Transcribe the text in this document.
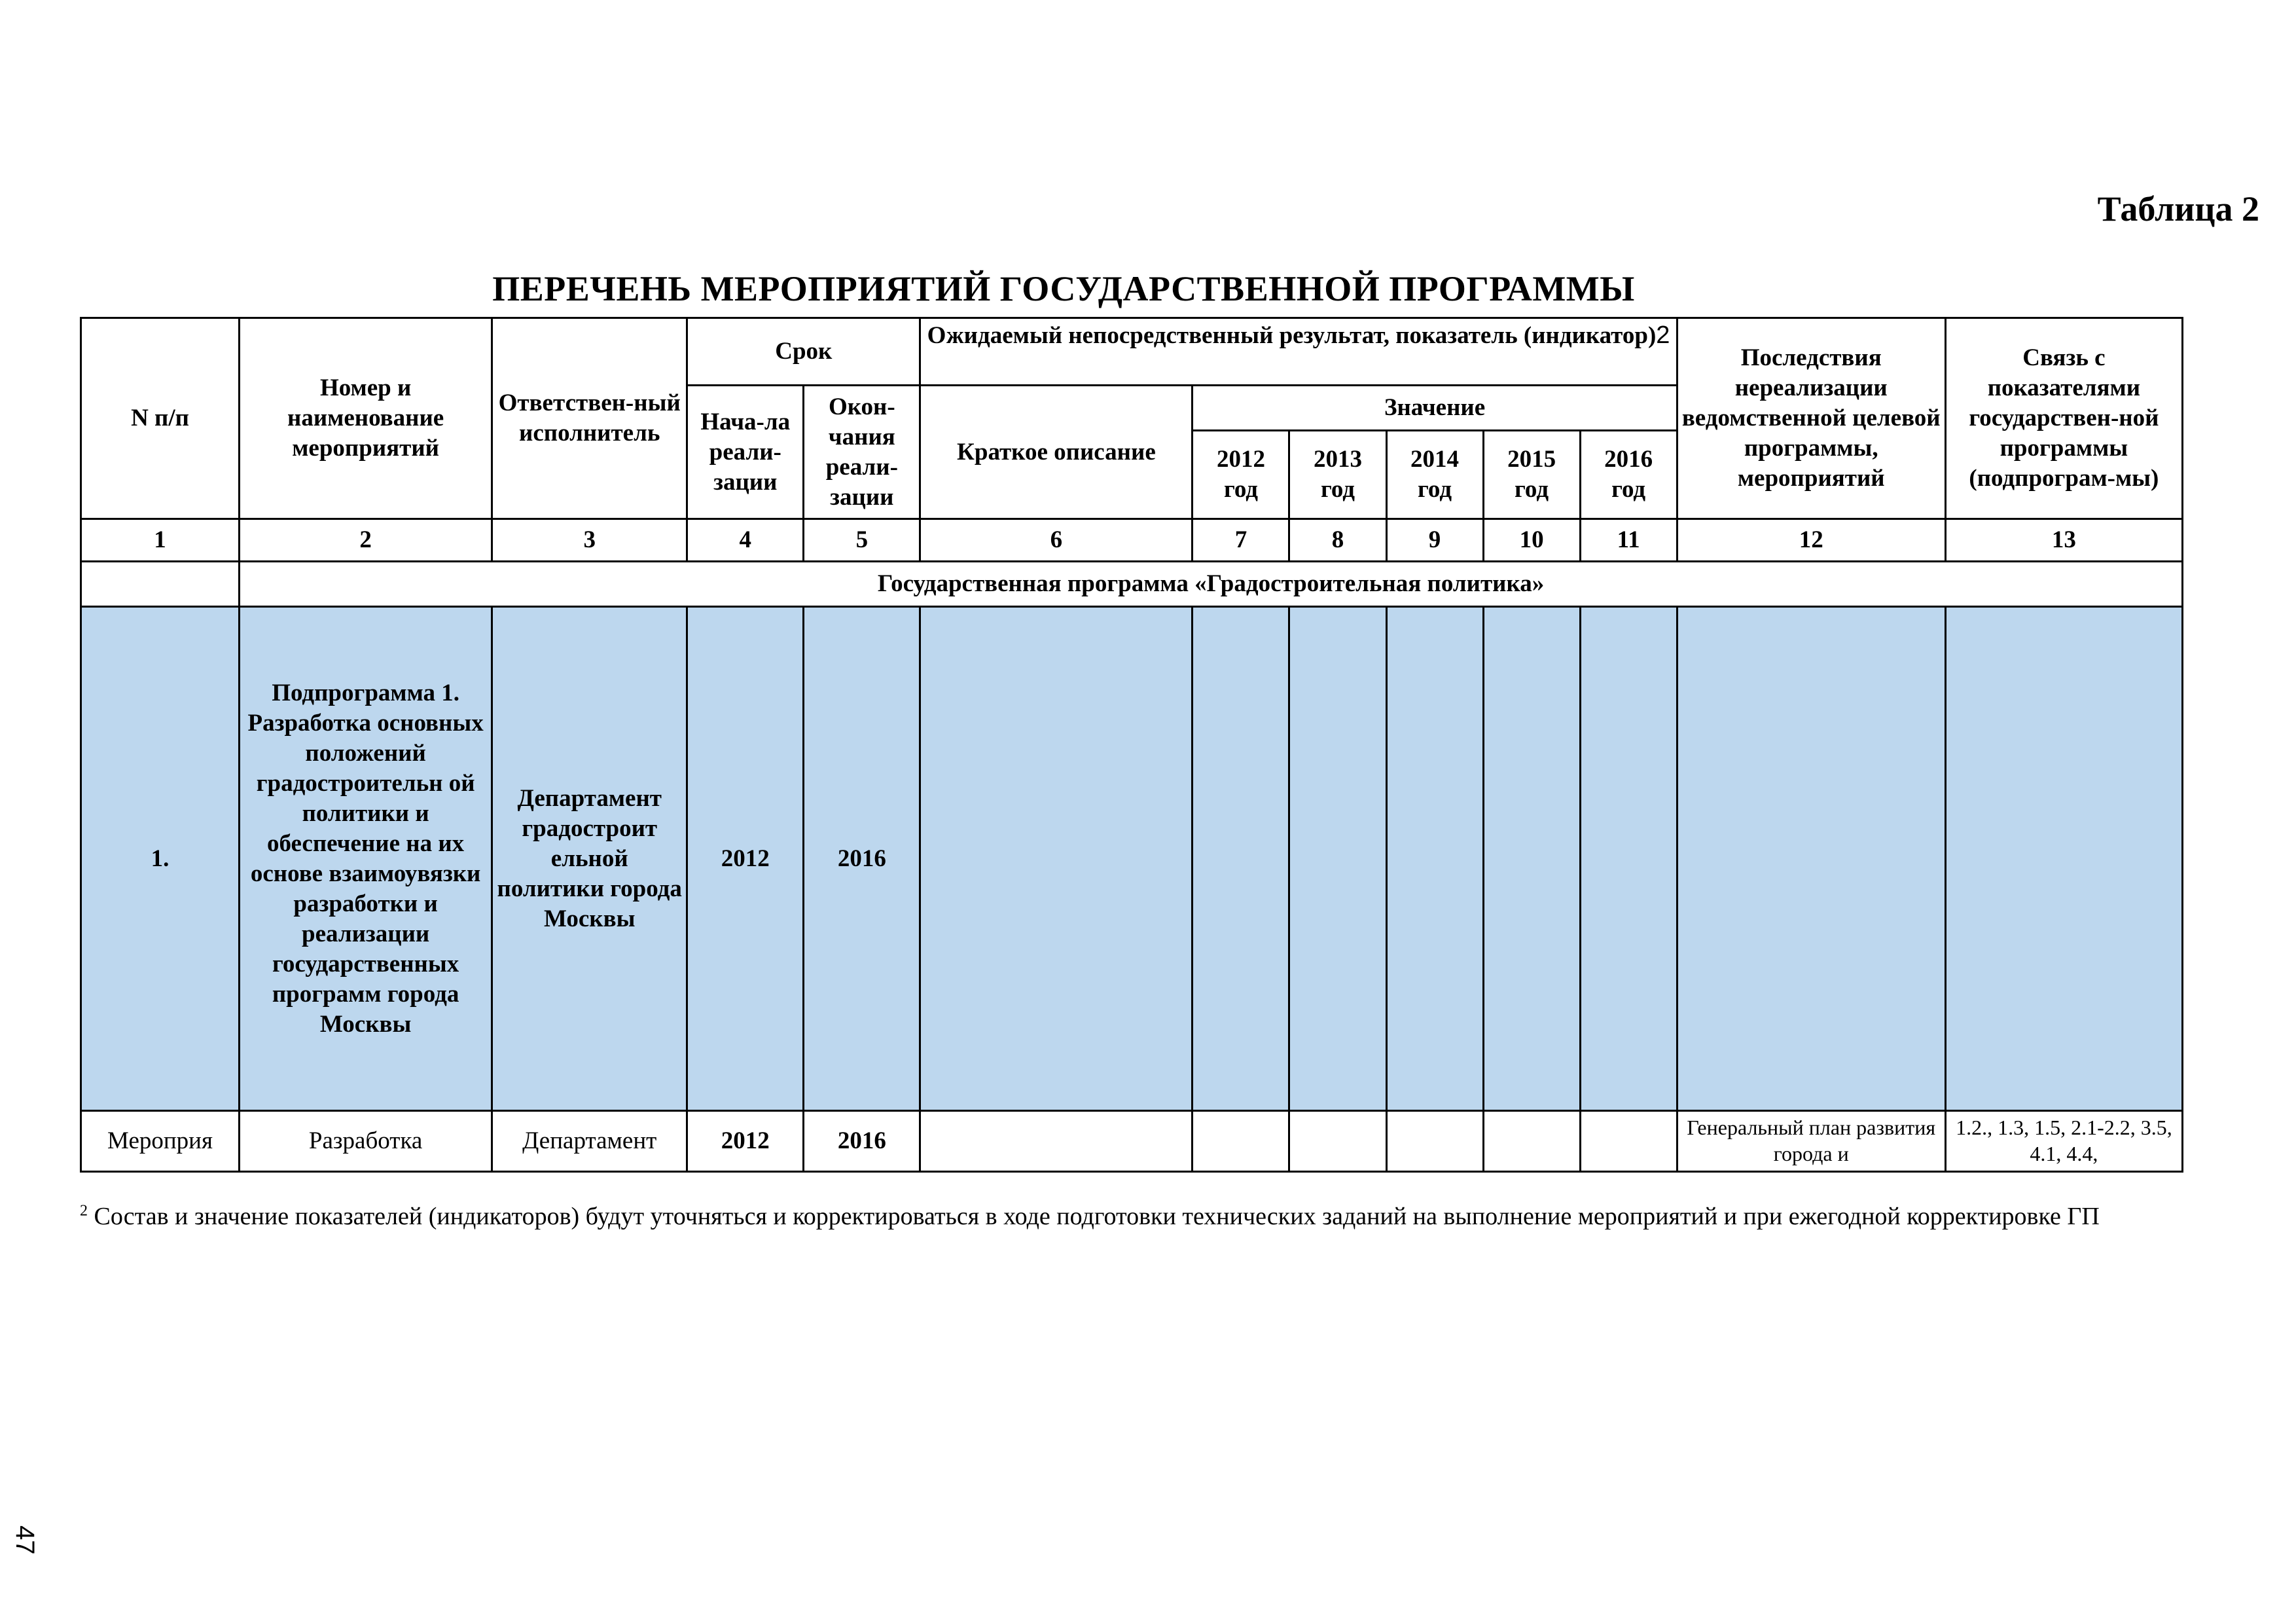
Таблица 2
ПЕРЕЧЕНЬ МЕРОПРИЯТИЙ ГОСУДАРСТВЕННОЙ ПРОГРАММЫ
N п/п	Номер и наименование мероприятий	Ответствен-ный исполнитель	Срок		Ожидаемый непосредственный результат, показатель (индикатор)2						Последствия нереализации ведомственной целевой программы, мероприятий	Связь с показателями государствен-ной программы (подпрограм-мы)
			Нача-ла реали-зации	Окон-чания реали-зации	Краткое описание	Значение						
						2012 год	2013 год	2014 год	2015 год	2016 год		
1	2	3	4	5	6	7	8	9	10	11	12	13
	Государственная программа «Градостроительная политика»											
1.	Подпрограмма 1. Разработка основных положений градостроительн ой политики и обеспечение на их основе взаимоувязки разработки и реализации государственных программ города Москвы	Департамент градостроит ельной политики города Москвы	2012	2016								
Мероприя	Разработка	Департамент	2012	2016							Генеральный план развития города и	1.2., 1.3, 1.5, 2.1-2.2, 3.5, 4.1, 4.4,
$^2$ Состав и значение показателей (индикаторов) будут уточняться и корректироваться в ходе подготовки технических заданий на выполнение мероприятий и при ежегодной корректировке ГП
47
